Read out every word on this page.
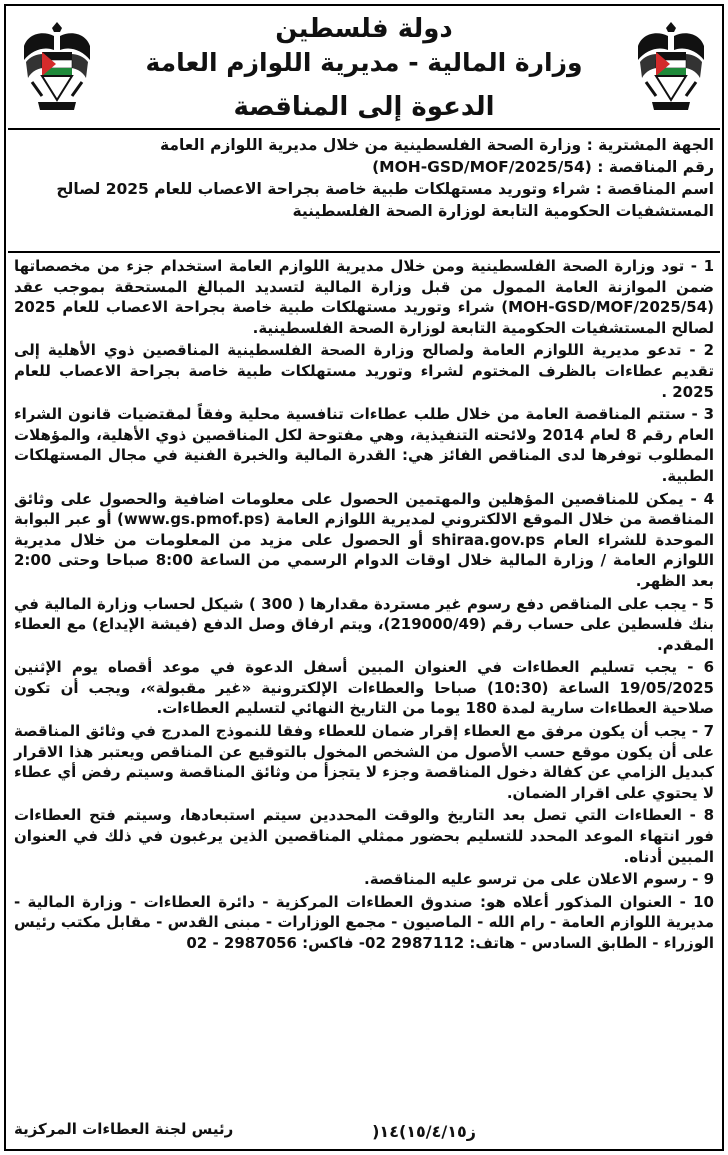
دولة فلسطين
وزارة المالية - مديرية اللوازم العامة
الدعوة إلى المناقصة

الجهة المشترية : وزارة الصحة الفلسطينية من خلال مديرية اللوازم العامة

رقم المناقصة : (MOH-GSD/MOF/2025/54)

اسم المناقصة : شراء وتوريد مستهلكات طبية خاصة بجراحة الاعصاب للعام 2025 لصالح المستشفيات الحكومية التابعة لوزارة الصحة الفلسطينية

1 - تود وزارة الصحة الفلسطينية ومن خلال مديرية اللوازم العامة استخدام جزء من مخصصاتها ضمن الموازنة العامة الممول من قبل وزارة المالية لتسديد المبالغ المستحقة بموجب عقد (MOH-GSD/MOF/2025/54) شراء وتوريد مستهلكات طبية خاصة بجراحة الاعصاب للعام 2025 لصالح المستشفيات الحكومية التابعة لوزارة الصحة الفلسطينية.

2 - تدعو مديرية اللوازم العامة ولصالح وزارة الصحة الفلسطينية المناقصين ذوي الأهلية إلى تقديم عطاءات بالظرف المختوم لشراء وتوريد مستهلكات طبية خاصة بجراحة الاعصاب للعام 2025 .

3 - ستتم المناقصة العامة من خلال طلب عطاءات تنافسية محلية وفقاً لمقتضيات قانون الشراء العام رقم 8 لعام 2014 ولائحته التنفيذية، وهي مفتوحة لكل المناقصين ذوي الأهلية، والمؤهلات المطلوب توفرها لدى المناقص الفائز هي: القدرة المالية والخبرة الفنية في مجال المستهلكات الطبية.

4 - يمكن للمناقصين المؤهلين والمهتمين الحصول على معلومات اضافية والحصول على وثائق المناقصة من خلال الموقع الالكتروني لمديرية اللوازم العامة (www.gs.pmof.ps) أو عبر البوابة الموحدة للشراء العام shiraa.gov.ps أو الحصول على مزيد من المعلومات من خلال مديرية اللوازم العامة / وزارة المالية خلال اوقات الدوام الرسمي من الساعة 8:00 صباحا وحتى 2:00 بعد الظهر.

5 - يجب على المناقص دفع رسوم غير مستردة مقدارها ( 300 ) شيكل لحساب وزارة المالية في بنك فلسطين على حساب رقم (219000/49)، ويتم ارفاق وصل الدفع (فيشة الإيداع) مع العطاء المقدم.

6 - يجب تسليم العطاءات في العنوان المبين أسفل الدعوة في موعد أقصاه يوم الإثنين 19/05/2025 الساعة (10:30) صباحا والعطاءات الإلكترونية «غير مقبولة»، ويجب أن تكون صلاحية العطاءات سارية لمدة 180 يوما من التاريخ النهائي لتسليم العطاءات.

7 - يجب أن يكون مرفق مع العطاء إقرار ضمان للعطاء وفقا للنموذج المدرج في وثائق المناقصة على أن يكون موقع حسب الأصول من الشخص المخول بالتوقيع عن المناقص ويعتبر هذا الاقرار كبديل الزامي عن كفالة دخول المناقصة وجزء لا يتجزأ من وثائق المناقصة وسيتم رفض أي عطاء لا يحتوي على اقرار الضمان.

8 - العطاءات التي تصل بعد التاريخ والوقت المحددين سيتم استبعادها، وسيتم فتح العطاءات فور انتهاء الموعد المحدد للتسليم بحضور ممثلي المناقصين الذين يرغبون في ذلك في العنوان المبين أدناه.

9 - رسوم الاعلان على من ترسو عليه المناقصة.

10 - العنوان المذكور أعلاه هو: صندوق العطاءات المركزية - دائرة العطاءات - وزارة المالية - مديرية اللوازم العامة - رام الله - الماصيون - مجمع الوزارات - مبنى القدس - مقابل مكتب رئيس الوزراء - الطابق السادس - هاتف: 2987112 02- فاكس: 2987056 - 02

ز١٥/٤/١٥)١٤(
رئيس لجنة العطاءات المركزية
